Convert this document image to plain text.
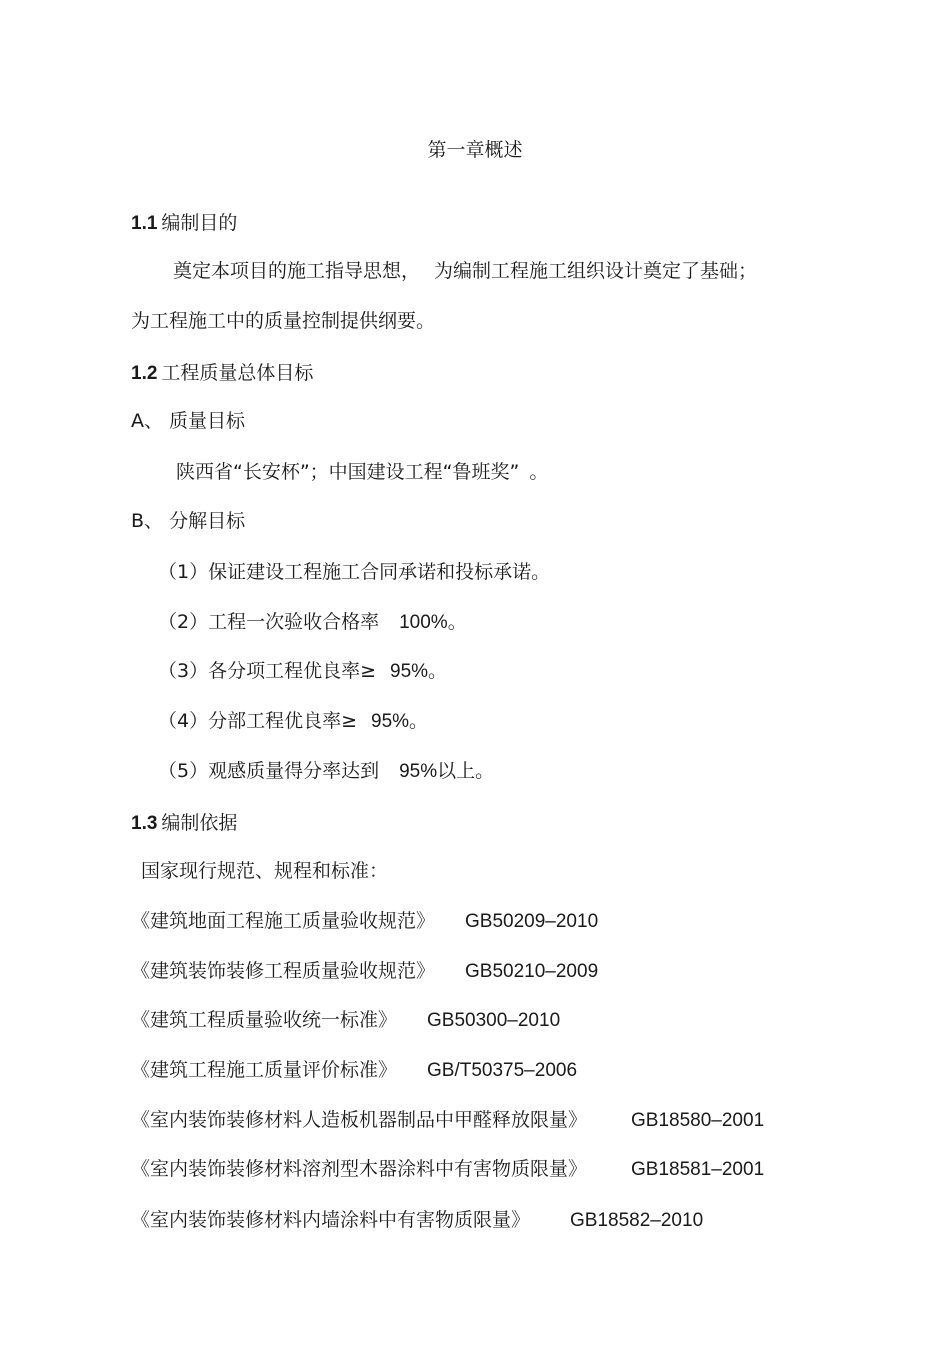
第一章概述
1.1 编制目的
奠定本项目的施工指导思想， 为编制工程施工组织设计奠定了基础；
为工程施工中的质量控制提供纲要。
1.2 工程质量总体目标
A、 质量目标
陕西省“长安杯”；中国建设工程“鲁班奖” 。
B、 分解目标
（1）保证建设工程施工合同承诺和投标承诺。
（2）工程一次验收合格率 100%。
（3）各分项工程优良率≥ 95%。
（4）分部工程优良率≥ 95%。
（5）观感质量得分率达到 95%以上。
1.3 编制依据
国家现行规范、规程和标准：
《建筑地面工程施工质量验收规范》 GB50209–2010
《建筑装饰装修工程质量验收规范》 GB50210–2009
《建筑工程质量验收统一标准》 GB50300–2010
《建筑工程施工质量评价标准》 GB/T50375–2006
《室内装饰装修材料人造板机器制品中甲醛释放限量》 GB18580–2001
《室内装饰装修材料溶剂型木器涂料中有害物质限量》 GB18581–2001
《室内装饰装修材料内墙涂料中有害物质限量》 GB18582–2010
